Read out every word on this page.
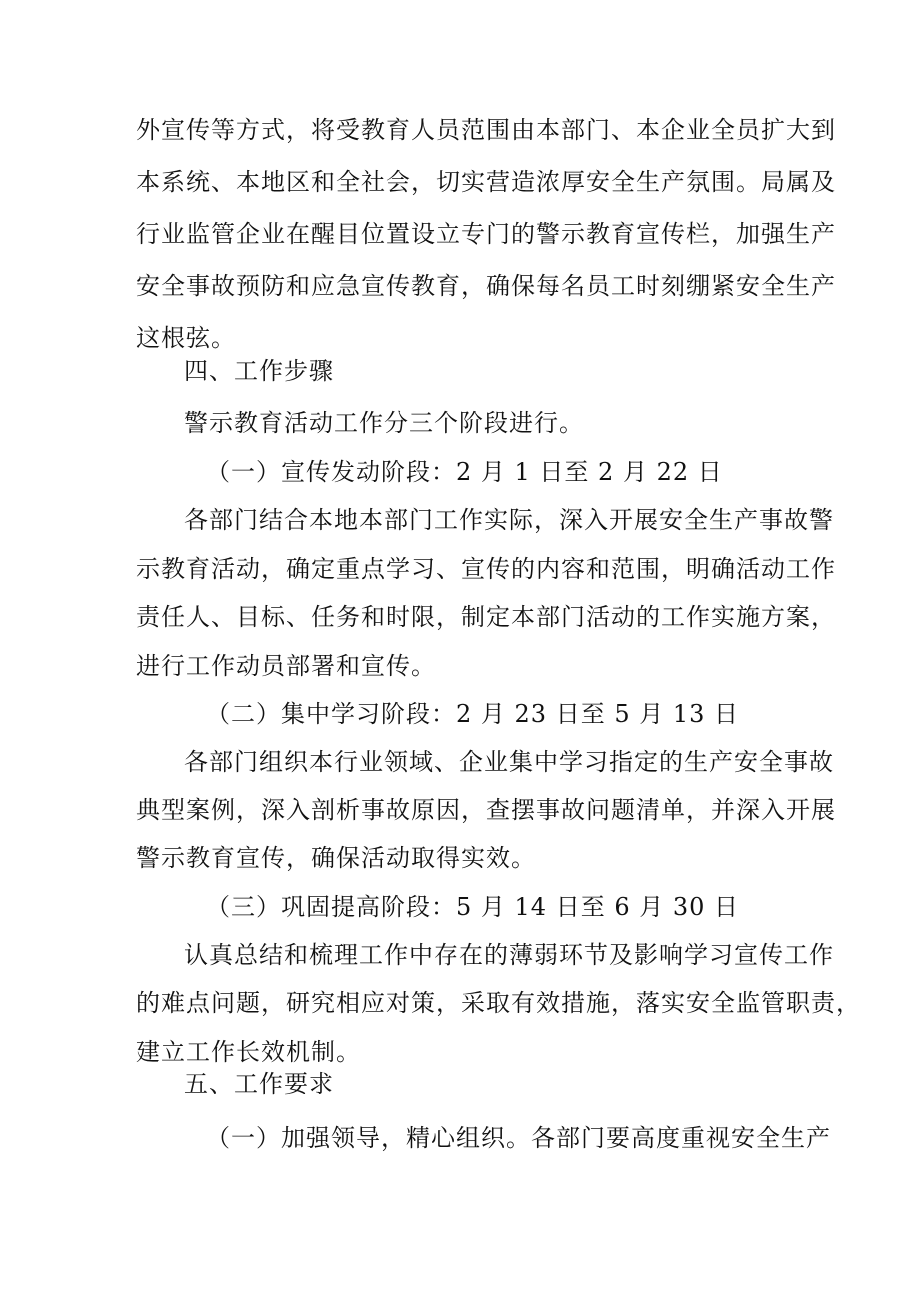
外宣传等方式，将受教育人员范围由本部门、本企业全员扩大到
本系统、本地区和全社会，切实营造浓厚安全生产氛围。局属及
行业监管企业在醒目位置设立专门的警示教育宣传栏，加强生产
安全事故预防和应急宣传教育，确保每名员工时刻绷紧安全生产
这根弦。
四、工作步骤
警示教育活动工作分三个阶段进行。
（一）宣传发动阶段：2 月 1 日至 2 月 22 日
各部门结合本地本部门工作实际，深入开展安全生产事故警
示教育活动，确定重点学习、宣传的内容和范围，明确活动工作
责任人、目标、任务和时限，制定本部门活动的工作实施方案，
进行工作动员部署和宣传。
（二）集中学习阶段：2 月 23 日至 5 月 13 日
各部门组织本行业领域、企业集中学习指定的生产安全事故
典型案例，深入剖析事故原因，查摆事故问题清单，并深入开展
警示教育宣传，确保活动取得实效。
（三）巩固提高阶段：5 月 14 日至 6 月 30 日
认真总结和梳理工作中存在的薄弱环节及影响学习宣传工作
的难点问题，研究相应对策，采取有效措施，落实安全监管职责，
建立工作长效机制。
五、工作要求
（一）加强领导，精心组织。各部门要高度重视安全生产
